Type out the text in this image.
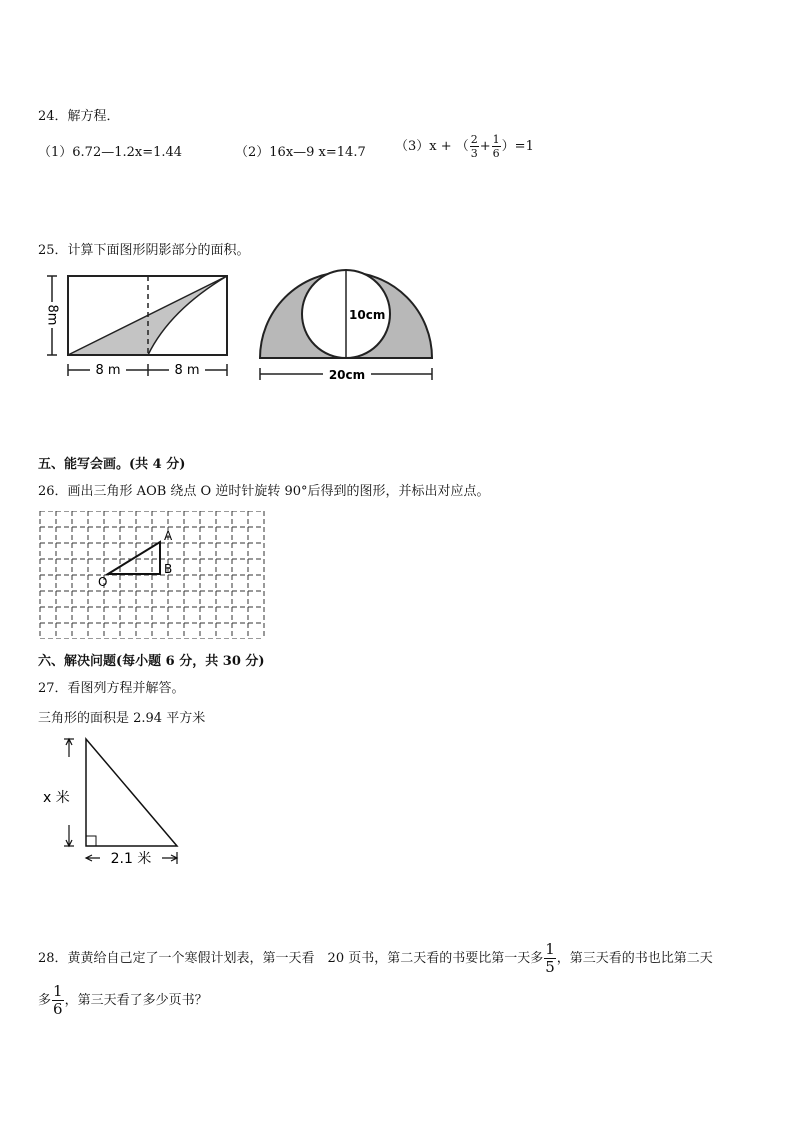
24．解方程．
（1）6.72—1.2x=1.44	（2）16x—9 x=14.7 （3）x + （ $\frac{2}{3} + \frac{1}{6} )=1$
25．计算下面图形阴影部分的面积。
8m
8 m	8 m
10cm
20cm
五、能写会画。(共 4 分)
26．画出三角形 AOB 绕点 O 逆时针旋转 90°后得到的图形，并标出对应点。
A
B
O
六、解决问题(每小题 6 分，共 30 分)
27．看图列方程并解答。
三角形的面积是 2.94 平方米
x 米
2.1 米
28．黄黄给自己定了一个寒假计划表，第一天看　20 页书，第二天看的书要比第一天多 $\frac{1}{5}$ ，第三天看的书也比第二天
多 $\frac{1}{6}$ ，第三天看了多少页书？
